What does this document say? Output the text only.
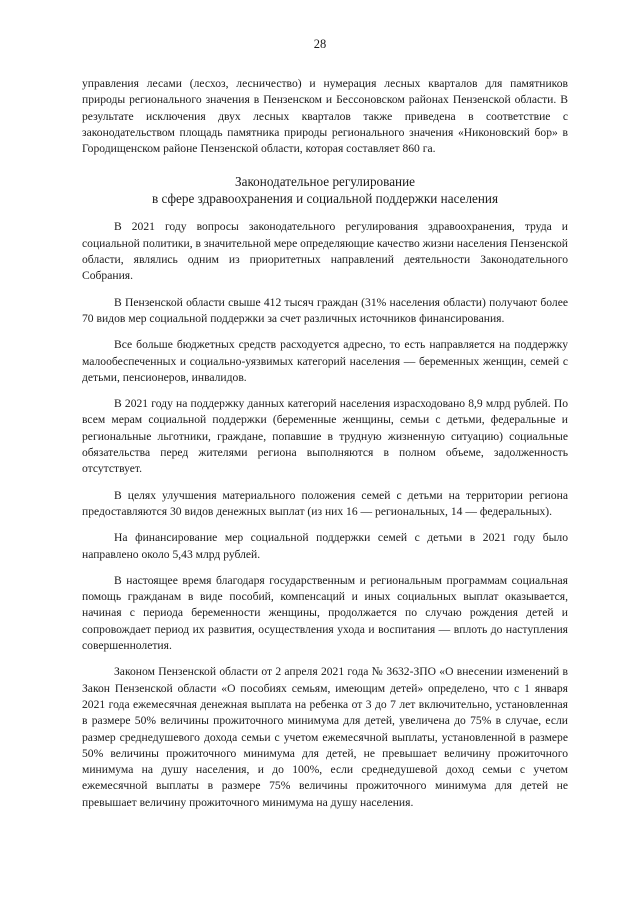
28

управления лесами (лесхоз, лесничество) и нумерация лесных кварталов для памятников природы регионального значения в Пензенском и Бессоновском районах Пензенской области. В результате исключения двух лесных кварталов также приведена в соответствие с законодательством площадь памятника природы регионального значения «Никоновский бор» в Городищенском районе Пензенской области, которая составляет 860 га.

Законодательное регулирование
в сфере здравоохранения и социальной поддержки населения

В 2021 году вопросы законодательного регулирования здравоохранения, труда и социальной политики, в значительной мере определяющие качество жизни населения Пензенской области, являлись одним из приоритетных направлений деятельности Законодательного Собрания.

В Пензенской области свыше 412 тысяч граждан (31% населения области) получают более 70 видов мер социальной поддержки за счет различных источников финансирования.

Все больше бюджетных средств расходуется адресно, то есть направляется на поддержку малообеспеченных и социально-уязвимых категорий населения — беременных женщин, семей с детьми, пенсионеров, инвалидов.

В 2021 году на поддержку данных категорий населения израсходовано 8,9 млрд рублей. По всем мерам социальной поддержки (беременные женщины, семьи с детьми, федеральные и региональные льготники, граждане, попавшие в трудную жизненную ситуацию) социальные обязательства перед жителями региона выполняются в полном объеме, задолженность отсутствует.

В целях улучшения материального положения семей с детьми на территории региона предоставляются 30 видов денежных выплат (из них 16 — региональных, 14 — федеральных).

На финансирование мер социальной поддержки семей с детьми в 2021 году было направлено около 5,43 млрд рублей.

В настоящее время благодаря государственным и региональным программам социальная помощь гражданам в виде пособий, компенсаций и иных социальных выплат оказывается, начиная с периода беременности женщины, продолжается по случаю рождения детей и сопровождает период их развития, осуществления ухода и воспитания — вплоть до наступления совершеннолетия.

Законом Пензенской области от 2 апреля 2021 года № 3632-ЗПО «О внесении изменений в Закон Пензенской области «О пособиях семьям, имеющим детей» определено, что с 1 января 2021 года ежемесячная денежная выплата на ребенка от 3 до 7 лет включительно, установленная в размере 50% величины прожиточного минимума для детей, увеличена до 75% в случае, если размер среднедушевого дохода семьи с учетом ежемесячной выплаты, установленной в размере 50% величины прожиточного минимума для детей, не превышает величину прожиточного минимума на душу населения, и до 100%, если среднедушевой доход семьи с учетом ежемесячной выплаты в размере 75% величины прожиточного минимума для детей не превышает величину прожиточного минимума на душу населения.
